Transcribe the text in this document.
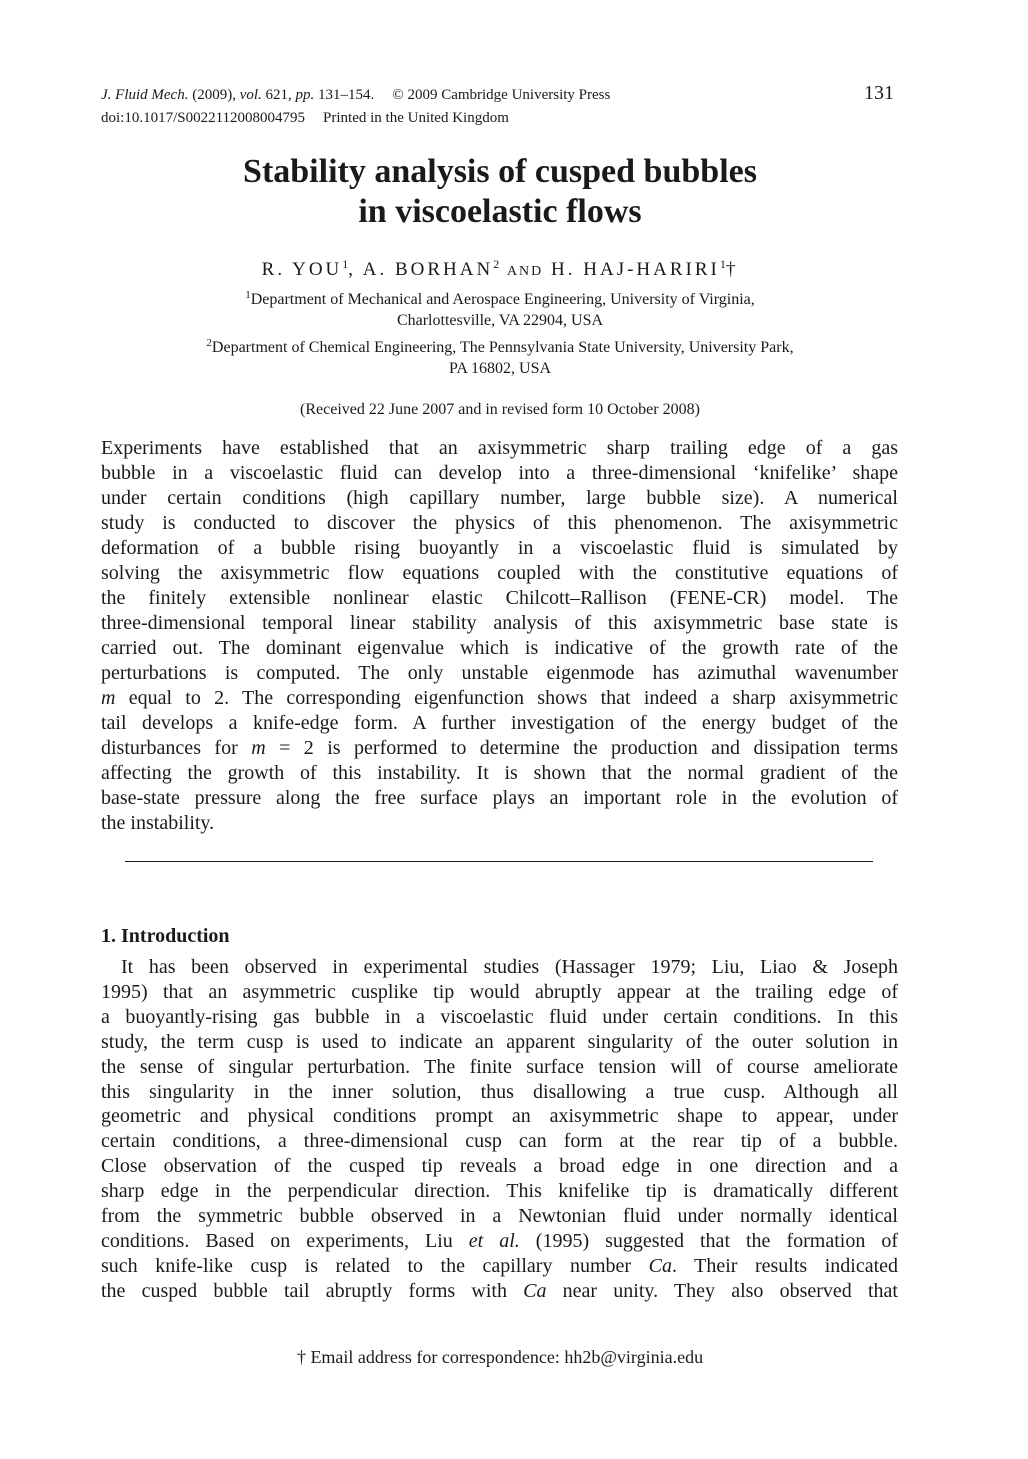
J. Fluid Mech. (2009), vol. 621, pp. 131–154. © 2009 Cambridge University Press
doi:10.1017/S0022112008004795 Printed in the United Kingdom
131
Stability analysis of cusped bubbles
in viscoelastic flows
R. YOU$^1$, A. BORHAN$^2$ AND H. HAJ-HARIRI$^1$†
$^1$Department of Mechanical and Aerospace Engineering, University of Virginia,
Charlottesville, VA 22904, USA
$^2$Department of Chemical Engineering, The Pennsylvania State University, University Park,
PA 16802, USA
(Received 22 June 2007 and in revised form 10 October 2008)
Experiments have established that an axisymmetric sharp trailing edge of a gas
bubble in a viscoelastic fluid can develop into a three-dimensional ‘knifelike’ shape
under certain conditions (high capillary number, large bubble size). A numerical
study is conducted to discover the physics of this phenomenon. The axisymmetric
deformation of a bubble rising buoyantly in a viscoelastic fluid is simulated by
solving the axisymmetric flow equations coupled with the constitutive equations of
the finitely extensible nonlinear elastic Chilcott–Rallison (FENE-CR) model. The
three-dimensional temporal linear stability analysis of this axisymmetric base state is
carried out. The dominant eigenvalue which is indicative of the growth rate of the
perturbations is computed. The only unstable eigenmode has azimuthal wavenumber
m equal to 2. The corresponding eigenfunction shows that indeed a sharp axisymmetric
tail develops a knife-edge form. A further investigation of the energy budget of the
disturbances for m = 2 is performed to determine the production and dissipation terms
affecting the growth of this instability. It is shown that the normal gradient of the
base-state pressure along the free surface plays an important role in the evolution of
the instability.
1. Introduction
It has been observed in experimental studies (Hassager 1979; Liu, Liao & Joseph
1995) that an asymmetric cusplike tip would abruptly appear at the trailing edge of
a buoyantly-rising gas bubble in a viscoelastic fluid under certain conditions. In this
study, the term cusp is used to indicate an apparent singularity of the outer solution in
the sense of singular perturbation. The finite surface tension will of course ameliorate
this singularity in the inner solution, thus disallowing a true cusp. Although all
geometric and physical conditions prompt an axisymmetric shape to appear, under
certain conditions, a three-dimensional cusp can form at the rear tip of a bubble.
Close observation of the cusped tip reveals a broad edge in one direction and a
sharp edge in the perpendicular direction. This knifelike tip is dramatically different
from the symmetric bubble observed in a Newtonian fluid under normally identical
conditions. Based on experiments, Liu et al. (1995) suggested that the formation of
such knife-like cusp is related to the capillary number Ca. Their results indicated
the cusped bubble tail abruptly forms with Ca near unity. They also observed that
† Email address for correspondence: hh2b@virginia.edu
